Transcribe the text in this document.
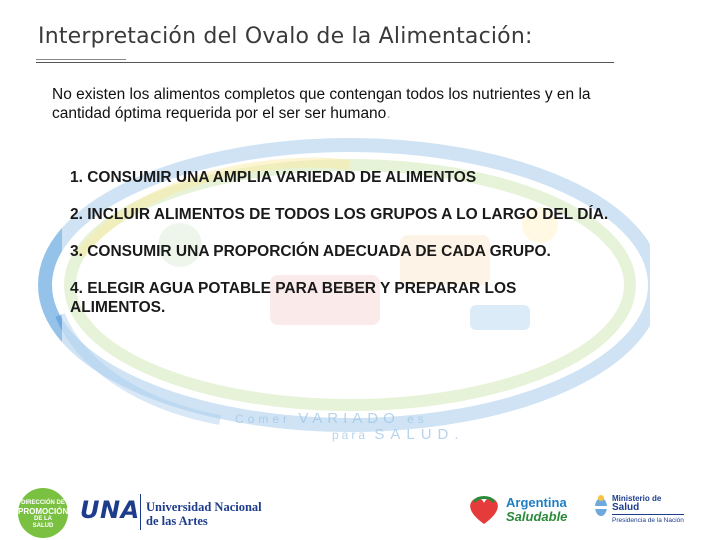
Interpretación del Ovalo de la Alimentación:
No existen los alimentos completos que contengan todos los nutrientes y en la cantidad óptima requerida por el ser ser humano.

1. CONSUMIR UNA AMPLIA VARIEDAD DE ALIMENTOS

2. INCLUIR ALIMENTOS DE TODOS LOS GRUPOS A LO LARGO DEL DÍA.

3. CONSUMIR UNA PROPORCIÓN ADECUADA DE CADA GRUPO.

4. ELEGIR AGUA POTABLE PARA BEBER Y PREPARAR LOS ALIMENTOS.

Comer VARIADO es
para SALUD.
DIRECCIÓN DE
PROMOCIÓN
DE LA
SALUD
UNA Universidad Nacional
de las Artes
Argentina
Saludable
Ministerio de
Salud
Presidencia de la Nación
